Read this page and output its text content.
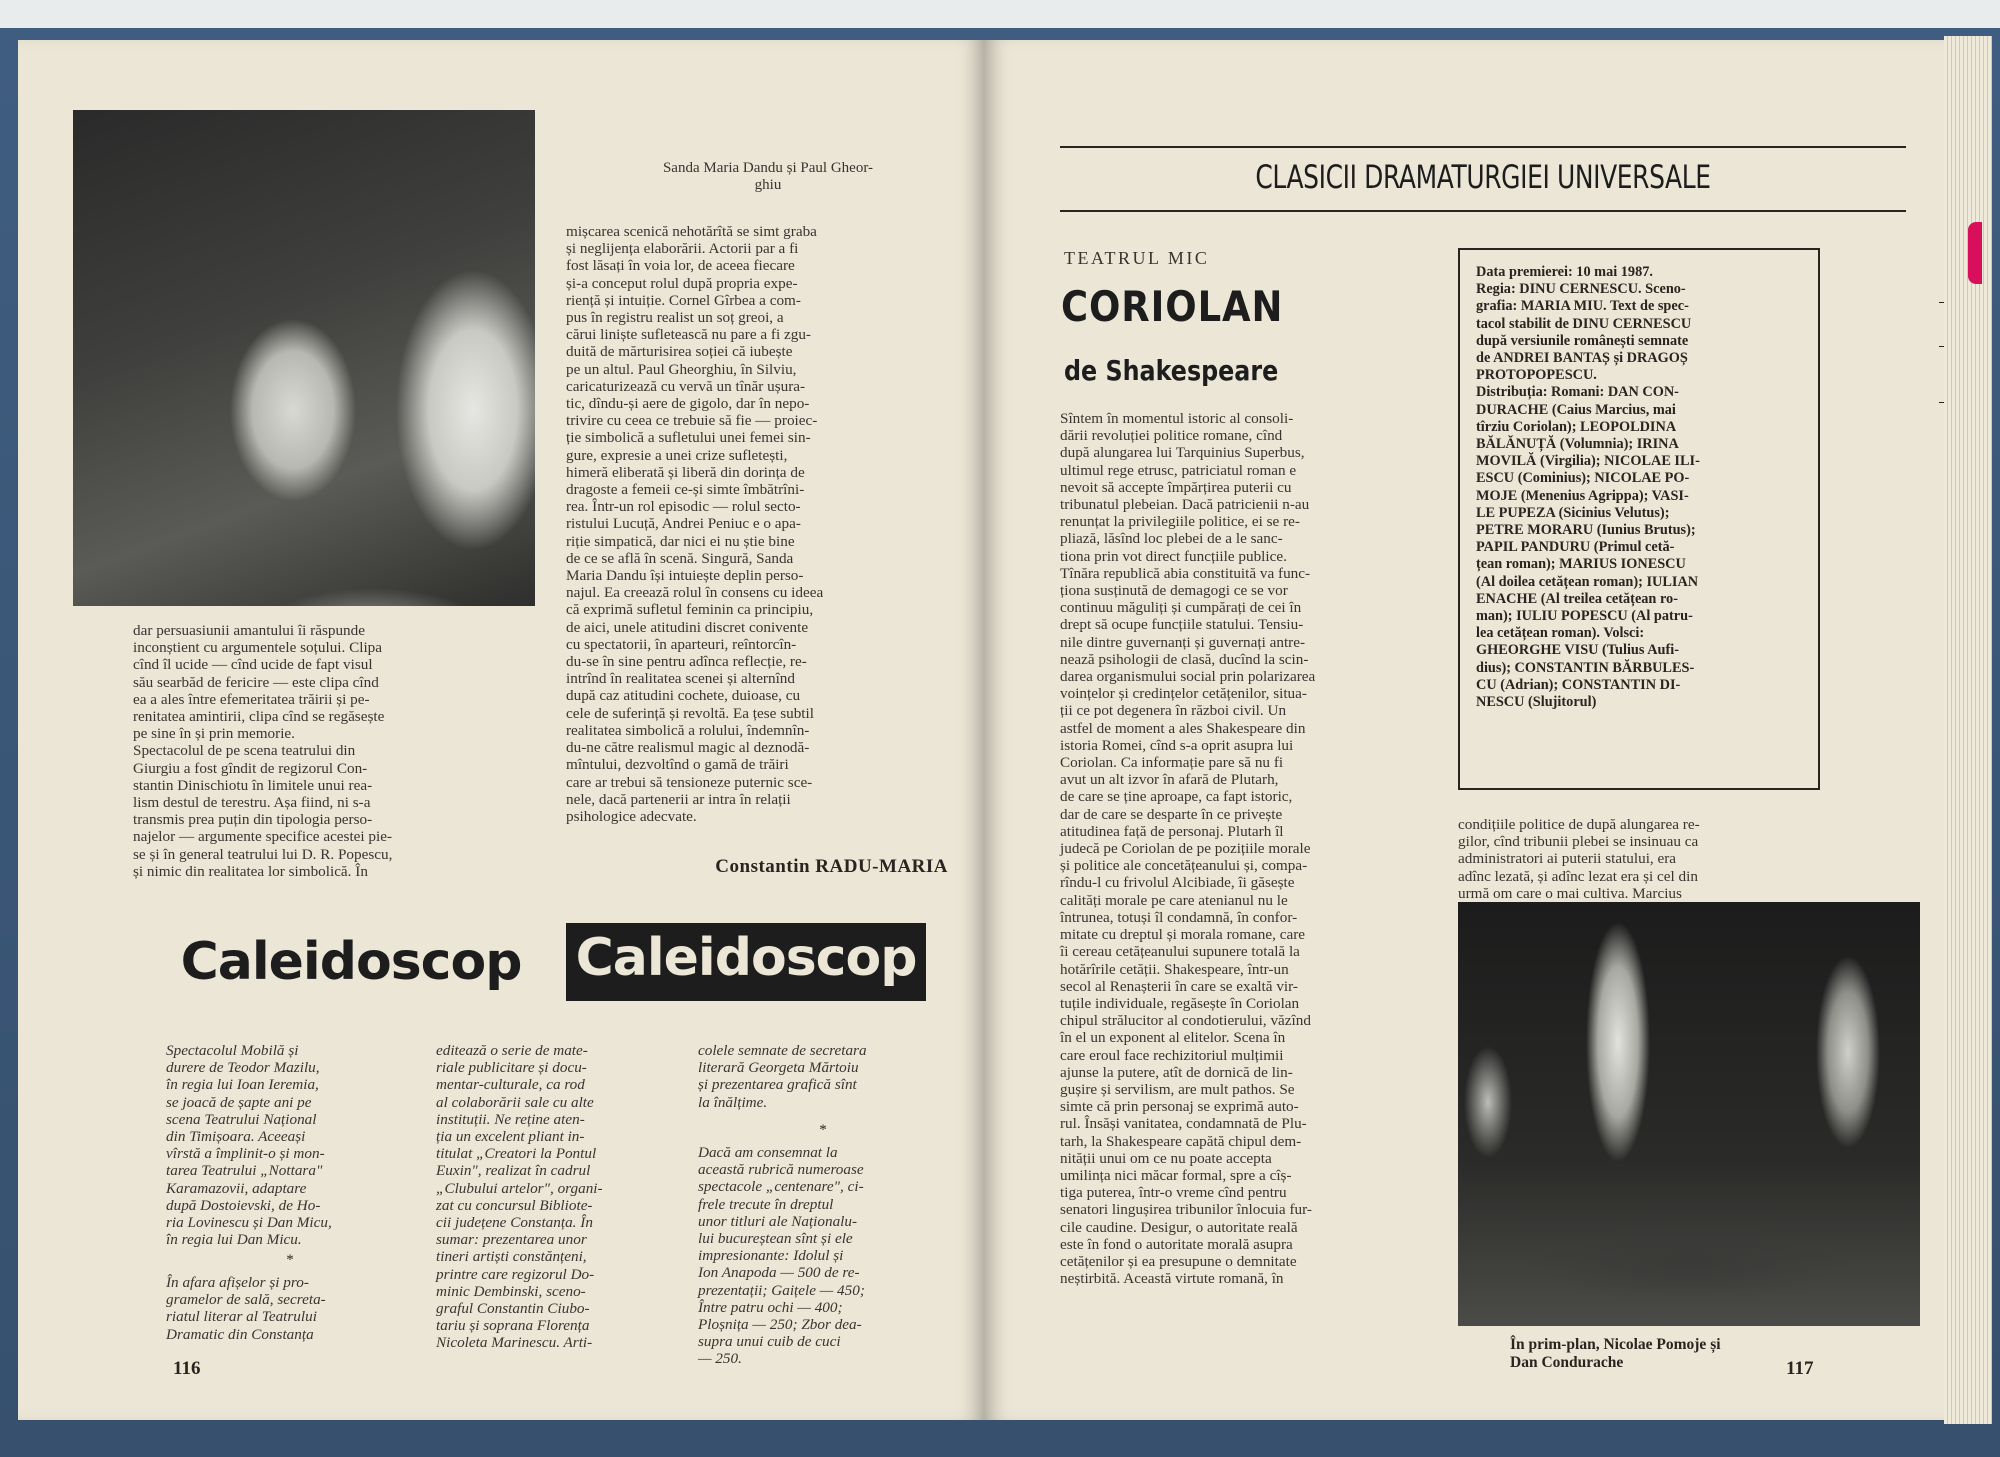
Sanda Maria Dandu și Paul Gheor-
ghiu
dar persuasiunii amantului îi răspunde
inconștient cu argumentele soțului. Clipa
cînd îl ucide — cînd ucide de fapt visul
său searbăd de fericire — este clipa cînd
ea a ales între efemeritatea trăirii și pe-
renitatea amintirii, clipa cînd se regăsește
pe sine în și prin memorie.
Spectacolul de pe scena teatrului din
Giurgiu a fost gîndit de regizorul Con-
stantin Dinischiotu în limitele unui rea-
lism destul de terestru. Așa fiind, ni s-a
transmis prea puțin din tipologia perso-
najelor — argumente specifice acestei pie-
se și în general teatrului lui D. R. Popescu,
și nimic din realitatea lor simbolică. În
mișcarea scenică nehotărîtă se simt graba
și neglijența elaborării. Actorii par a fi
fost lăsați în voia lor, de aceea fiecare
și-a conceput rolul după propria expe-
riență și intuiție. Cornel Gîrbea a com-
pus în registru realist un soț greoi, a
cărui liniște sufletească nu pare a fi zgu-
duită de mărturisirea soției că iubește
pe un altul. Paul Gheorghiu, în Silviu,
caricaturizează cu vervă un tînăr ușura-
tic, dîndu-și aere de gigolo, dar în nepo-
trivire cu ceea ce trebuie să fie — proiec-
ție simbolică a sufletului unei femei sin-
gure, expresie a unei crize sufletești,
himeră eliberată și liberă din dorința de
dragoste a femeii ce-și simte îmbătrîni-
rea. Într-un rol episodic — rolul secto-
ristului Lucuță, Andrei Peniuc e o apa-
riție simpatică, dar nici ei nu știe bine
de ce se află în scenă. Singură, Sanda
Maria Dandu își intuiește deplin perso-
najul. Ea creează rolul în consens cu ideea
că exprimă sufletul feminin ca principiu,
de aici, unele atitudini discret conivente
cu spectatorii, în aparteuri, reîntorcîn-
du-se în sine pentru adînca reflecție, re-
intrînd în realitatea scenei și alternînd
după caz atitudini cochete, duioase, cu
cele de suferință și revoltă. Ea țese subtil
realitatea simbolică a rolului, îndemnîn-
du-ne către realismul magic al deznodă-
mîntului, dezvoltînd o gamă de trăiri
care ar trebui să tensioneze puternic sce-
nele, dacă partenerii ar intra în relații
psihologice adecvate.
Constantin RADU-MARIA
Caleidoscop Caleidoscop
Spectacolul Mobilă și
durere de Teodor Mazilu,
în regia lui Ioan Ieremia,
se joacă de șapte ani pe
scena Teatrului Național
din Timișoara. Aceeași
vîrstă a împlinit-o și mon-
tarea Teatrului „Nottara"
Karamazovii, adaptare
după Dostoievski, de Ho-
ria Lovinescu și Dan Micu,
în regia lui Dan Micu.
*
În afara afișelor și pro-
gramelor de sală, secreta-
riatul literar al Teatrului
Dramatic din Constanța
editează o serie de mate-
riale publicitare și docu-
mentar-culturale, ca rod
al colaborării sale cu alte
instituții. Ne reține aten-
ția un excelent pliant in-
titulat „Creatori la Pontul
Euxin", realizat în cadrul
„Clubului artelor", organi-
zat cu concursul Bibliote-
cii județene Constanța. În
sumar: prezentarea unor
tineri artiști constănțeni,
printre care regizorul Do-
minic Dembinski, sceno-
graful Constantin Ciubo-
tariu și soprana Florența
Nicoleta Marinescu. Arti-
colele semnate de secretara
literară Georgeta Mărtoiu
și prezentarea grafică sînt
la înălțime.
*
Dacă am consemnat la
această rubrică numeroase
spectacole „centenare", ci-
frele trecute în dreptul
unor titluri ale Naționalu-
lui bucureștean sînt și ele
impresionante: Idolul și
Ion Anapoda — 500 de re-
prezentații; Gaițele — 450;
Între patru ochi — 400;
Ploșnița — 250; Zbor dea-
supra unui cuib de cuci
— 250.
116
CLASICII DRAMATURGIEI UNIVERSALE
TEATRUL MIC
CORIOLAN
de Shakespeare
Sîntem în momentul istoric al consoli-
dării revoluției politice romane, cînd
după alungarea lui Tarquinius Superbus,
ultimul rege etrusc, patriciatul roman e
nevoit să accepte împărțirea puterii cu
tribunatul plebeian. Dacă patricienii n-au
renunțat la privilegiile politice, ei se re-
pliază, lăsînd loc plebei de a le sanc-
tiona prin vot direct funcțiile publice.
Tînăra republică abia constituită va func-
ționa susținută de demagogi ce se vor
continuu măguliți și cumpărați de cei în
drept să ocupe funcțiile statului. Tensiu-
nile dintre guvernanți și guvernați antre-
nează psihologii de clasă, ducînd la scin-
darea organismului social prin polarizarea
voințelor și credințelor cetățenilor, situa-
ții ce pot degenera în război civil. Un
astfel de moment a ales Shakespeare din
istoria Romei, cînd s-a oprit asupra lui
Coriolan. Ca informație pare să nu fi
avut un alt izvor în afară de Plutarh,
de care se ține aproape, ca fapt istoric,
dar de care se desparte în ce privește
atitudinea față de personaj. Plutarh îl
judecă pe Coriolan de pe pozițiile morale
și politice ale concetățeanului și, compa-
rîndu-l cu frivolul Alcibiade, îi găsește
calități morale pe care atenianul nu le
întrunea, totuși îl condamnă, în confor-
mitate cu dreptul și morala romane, care
îi cereau cetățeanului supunere totală la
hotărîrile cetății. Shakespeare, într-un
secol al Renașterii în care se exaltă vir-
tuțile individuale, regăsește în Coriolan
chipul strălucitor al condotierului, văzînd
în el un exponent al elitelor. Scena în
care eroul face rechizitoriul mulțimii
ajunse la putere, atît de dornică de lin-
gușire și servilism, are mult pathos. Se
simte că prin personaj se exprimă auto-
rul. Însăși vanitatea, condamnată de Plu-
tarh, la Shakespeare capătă chipul dem-
nității unui om ce nu poate accepta
umilința nici măcar formal, spre a cîș-
tiga puterea, într-o vreme cînd pentru
senatori lingușirea tribunilor înlocuia fur-
cile caudine. Desigur, o autoritate reală
este în fond o autoritate morală asupra
cetățenilor și ea presupune o demnitate
neștirbită. Această virtute romană, în
Data premierei: 10 mai 1987.
Regia: DINU CERNESCU. Sceno-
grafia: MARIA MIU. Text de spec-
tacol stabilit de DINU CERNESCU
după versiunile românești semnate
de ANDREI BANTAȘ și DRAGOȘ
PROTOPOPESCU.
Distribuția: Romani: DAN CON-
DURACHE (Caius Marcius, mai
tîrziu Coriolan); LEOPOLDINA
BĂLĂNUȚĂ (Volumnia); IRINA
MOVILĂ (Virgilia); NICOLAE ILI-
ESCU (Cominius); NICOLAE PO-
MOJE (Menenius Agrippa); VASI-
LE PUPEZA (Sicinius Velutus);
PETRE MORARU (Iunius Brutus);
PAPIL PANDURU (Primul cetă-
țean roman); MARIUS IONESCU
(Al doilea cetățean roman); IULIAN
ENACHE (Al treilea cetățean ro-
man); IULIU POPESCU (Al patru-
lea cetățean roman). Volsci:
GHEORGHE VISU (Tulius Aufi-
dius); CONSTANTIN BĂRBULES-
CU (Adrian); CONSTANTIN DI-
NESCU (Slujitorul)
condițiile politice de după alungarea re-
gilor, cînd tribunii plebei se insinuau ca
administratori ai puterii statului, era
adînc lezată, și adînc lezat era și cel din
urmă om care o mai cultiva. Marcius
În prim-plan, Nicolae Pomoje și
Dan Condurache	117
